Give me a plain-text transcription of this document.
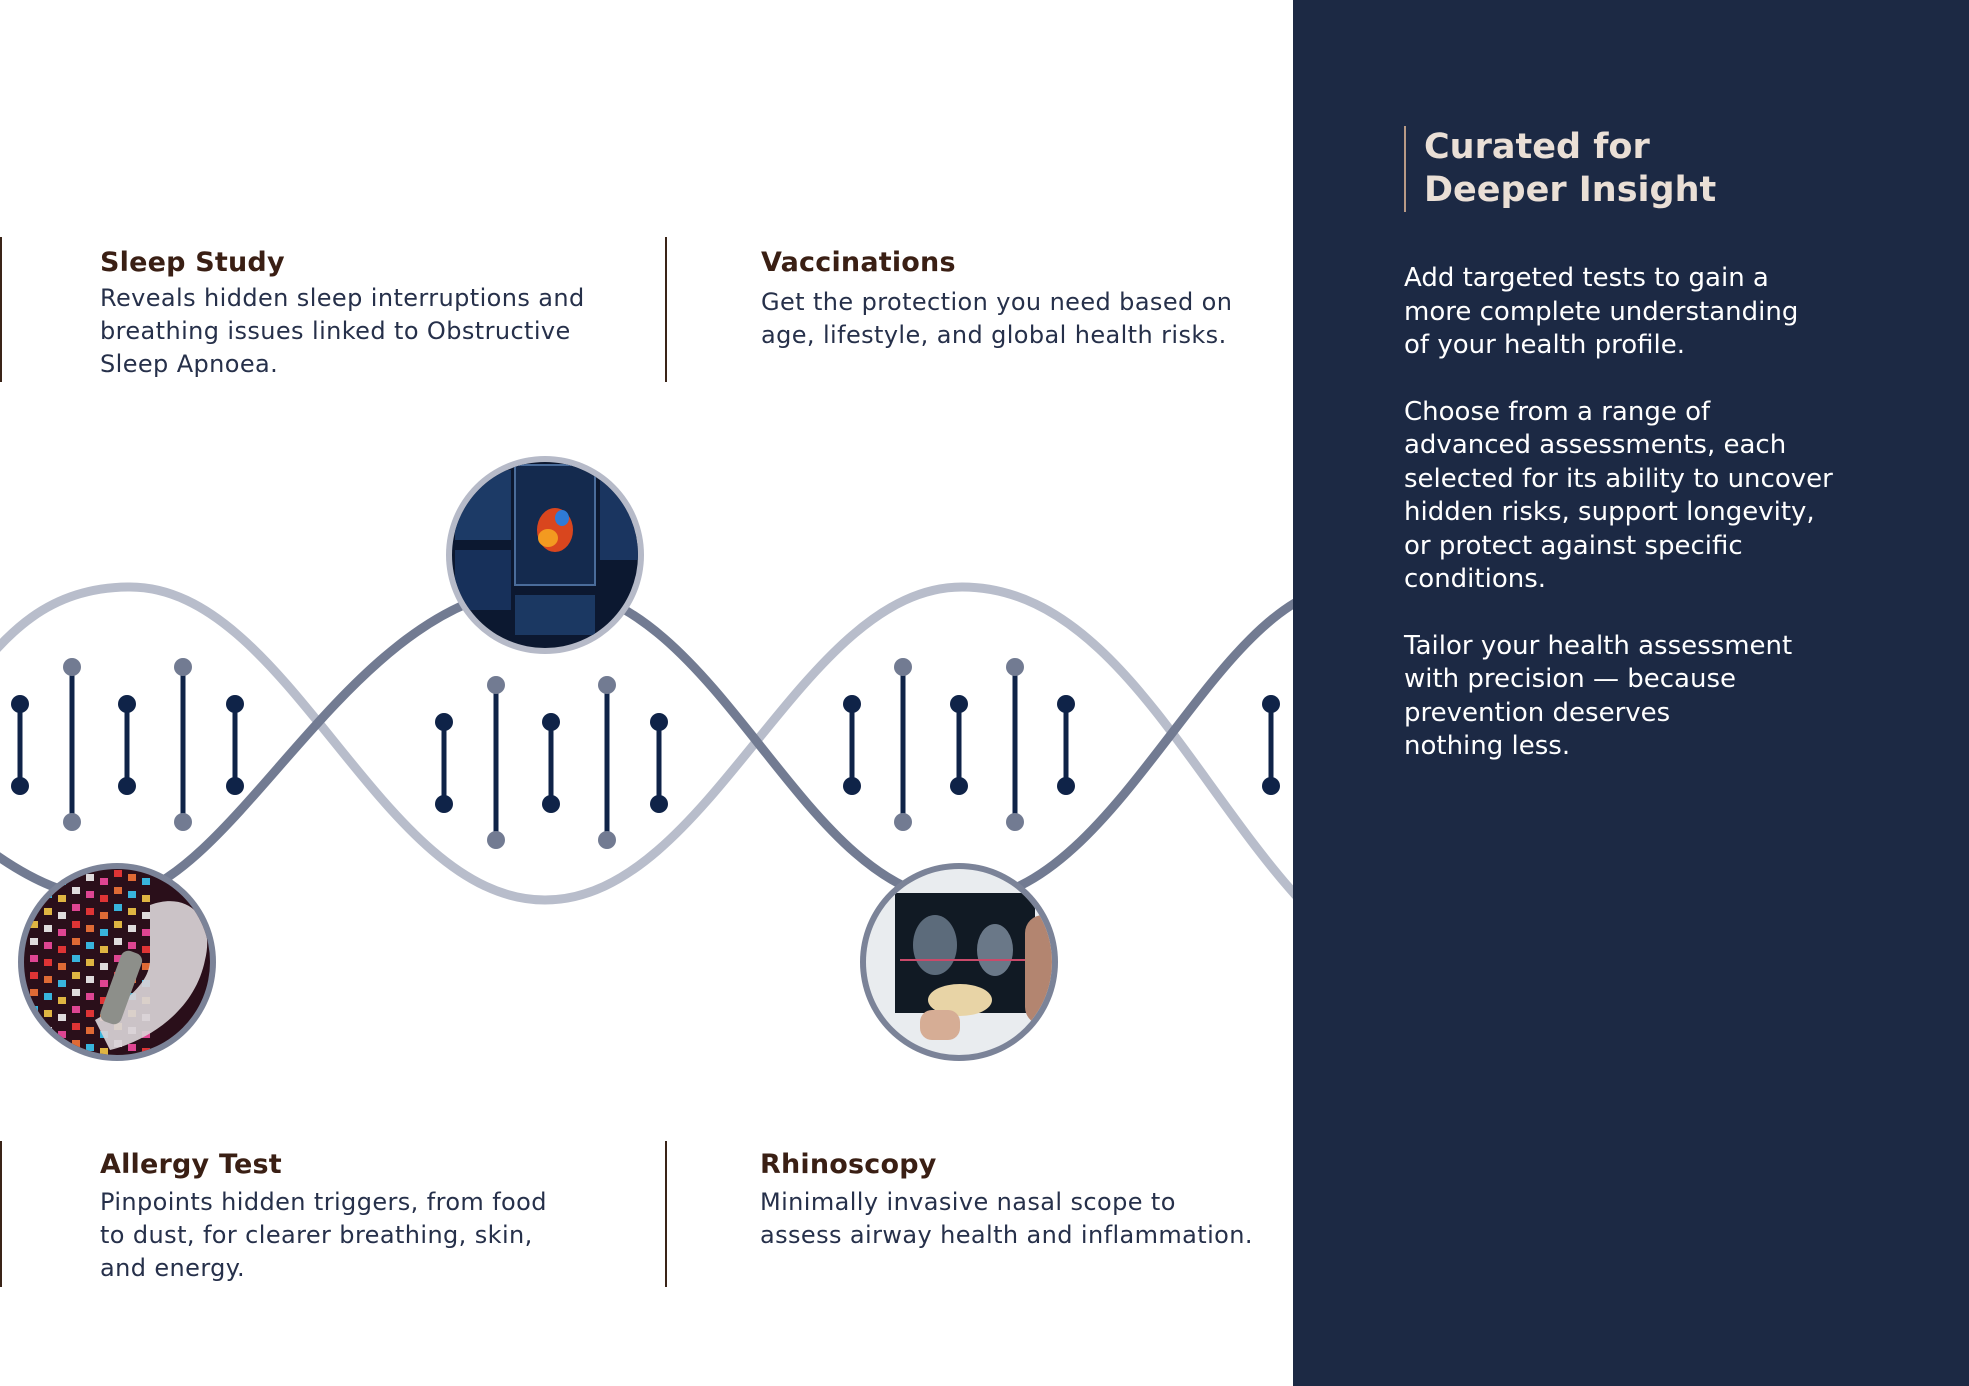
Sleep Study

Reveals hidden sleep interruptions and
breathing issues linked to Obstructive
Sleep Apnoea.

Vaccinations

Get the protection you need based on
age, lifestyle, and global health risks.

Allergy Test

Pinpoints hidden triggers, from food
to dust, for clearer breathing, skin,
and energy.

Rhinoscopy

Minimally invasive nasal scope to
assess airway health and inflammation.

Curated for
Deeper Insight

Add targeted tests to gain a
more complete understanding
of your health profile.

Choose from a range of
advanced assessments, each
selected for its ability to uncover
hidden risks, support longevity,
or protect against specific
conditions.

Tailor your health assessment
with precision — because
prevention deserves
nothing less.
